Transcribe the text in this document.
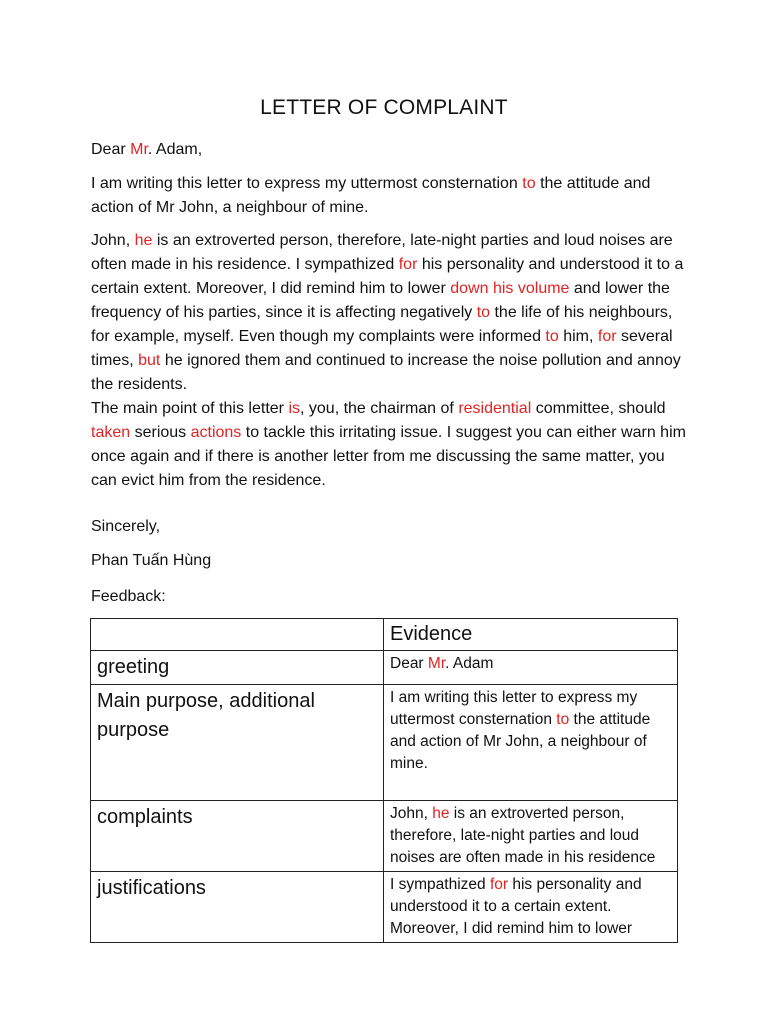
LETTER OF COMPLAINT

Dear Mr. Adam,

I am writing this letter to express my uttermost consternation to the attitude and action of Mr John, a neighbour of mine.

John, he is an extroverted person, therefore, late-night parties and loud noises are often made in his residence. I sympathized for his personality and understood it to a certain extent. Moreover, I did remind him to lower down his volume and lower the frequency of his parties, since it is affecting negatively to the life of his neighbours, for example, myself. Even though my complaints were informed to him, for several times, but he ignored them and continued to increase the noise pollution and annoy the residents.

The main point of this letter is, you, the chairman of residential committee, should taken serious actions to tackle this irritating issue. I suggest you can either warn him once again and if there is another letter from me discussing the same matter, you can evict him from the residence.

Sincerely,
Phan Tuấn Hùng
Feedback:
	Evidence
greeting	Dear Mr. Adam
Main purpose, additional purpose	I am writing this letter to express my uttermost consternation to the attitude and action of Mr John, a neighbour of mine.
complaints	John, he is an extroverted person, therefore, late-night parties and loud noises are often made in his residence
justifications	I sympathized for his personality and understood it to a certain extent. Moreover, I did remind him to lower
